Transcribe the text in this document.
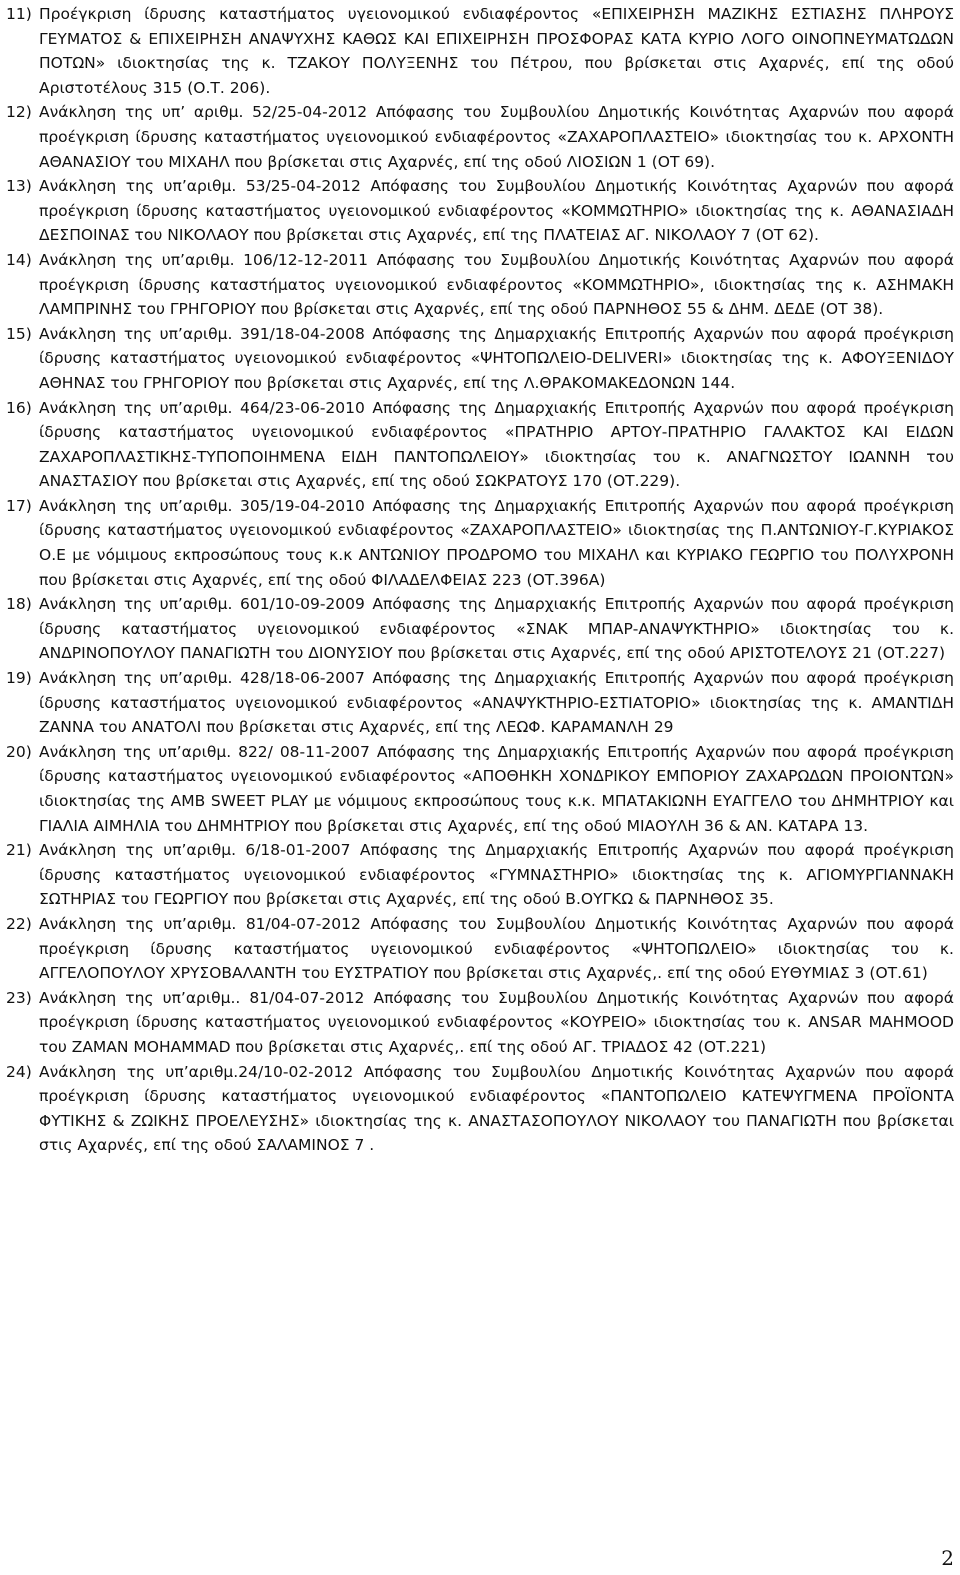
11) Προέγκριση ίδρυσης καταστήματος υγειονομικού ενδιαφέροντος «ΕΠΙΧΕΙΡΗΣΗ ΜΑΖΙΚΗΣ ΕΣΤΙΑΣΗΣ ΠΛΗΡΟΥΣ ΓΕΥΜΑΤΟΣ & ΕΠΙΧΕΙΡΗΣΗ ΑΝΑΨΥΧΗΣ ΚΑΘΩΣ ΚΑΙ ΕΠΙΧΕΙΡΗΣΗ ΠΡΟΣΦΟΡΑΣ ΚΑΤΑ ΚΥΡΙΟ ΛΟΓΟ ΟΙΝΟΠΝΕΥΜΑΤΩΔΩΝ ΠΟΤΩΝ» ιδιοκτησίας της κ. ΤΖΑΚΟΥ ΠΟΛΥΞΕΝΗΣ του Πέτρου, που βρίσκεται στις Αχαρνές, επί της οδού Αριστοτέλους 315 (Ο.Τ. 206).

12) Ανάκληση της υπ’ αριθμ. 52/25-04-2012 Απόφασης του Συμβουλίου Δημοτικής Κοινότητας Αχαρνών που αφορά προέγκριση ίδρυσης καταστήματος υγειονομικού ενδιαφέροντος «ΖΑΧΑΡΟΠΛΑΣΤΕΙΟ» ιδιοκτησίας του κ. ΑΡΧΟΝΤΗ ΑΘΑΝΑΣΙΟΥ του ΜΙΧΑΗΛ που βρίσκεται στις Αχαρνές, επί της οδού ΛΙΟΣΙΩΝ 1 (ΟΤ 69).

13) Ανάκληση της υπ’αριθμ. 53/25-04-2012 Απόφασης του Συμβουλίου Δημοτικής Κοινότητας Αχαρνών που αφορά προέγκριση ίδρυσης καταστήματος υγειονομικού ενδιαφέροντος «ΚΟΜΜΩΤΗΡΙΟ» ιδιοκτησίας της κ. ΑΘΑΝΑΣΙΑΔΗ ΔΕΣΠΟΙΝΑΣ του ΝΙΚΟΛΑΟΥ που βρίσκεται στις Αχαρνές, επί της ΠΛΑΤΕΙΑΣ ΑΓ. ΝΙΚΟΛΑΟΥ 7 (ΟΤ 62).

14) Ανάκληση της υπ’αριθμ. 106/12-12-2011 Απόφασης του Συμβουλίου Δημοτικής Κοινότητας Αχαρνών που αφορά προέγκριση ίδρυσης καταστήματος υγειονομικού ενδιαφέροντος «ΚΟΜΜΩΤΗΡΙΟ», ιδιοκτησίας της κ. ΑΣΗΜΑΚΗ ΛΑΜΠΡΙΝΗΣ του ΓΡΗΓΟΡΙΟΥ που βρίσκεται στις Αχαρνές, επί της οδού ΠΑΡΝΗΘΟΣ 55 & ΔΗΜ. ΔΕΔΕ (ΟΤ 38).

15) Ανάκληση της υπ’αριθμ. 391/18-04-2008 Απόφασης της Δημαρχιακής Επιτροπής Αχαρνών που αφορά προέγκριση ίδρυσης καταστήματος υγειονομικού ενδιαφέροντος «ΨΗΤΟΠΩΛΕΙΟ-DELIVERI» ιδιοκτησίας της κ. ΑΦΟΥΞΕΝΙΔΟΥ ΑΘΗΝΑΣ του ΓΡΗΓΟΡΙΟΥ που βρίσκεται στις Αχαρνές, επί της Λ.ΘΡΑΚΟΜΑΚΕΔΟΝΩΝ 144.

16) Ανάκληση της υπ’αριθμ. 464/23-06-2010 Απόφασης της Δημαρχιακής Επιτροπής Αχαρνών που αφορά προέγκριση ίδρυσης καταστήματος υγειονομικού ενδιαφέροντος «ΠΡΑΤΗΡΙΟ ΑΡΤΟΥ-ΠΡΑΤΗΡΙΟ ΓΑΛΑΚΤΟΣ ΚΑΙ ΕΙΔΩΝ ΖΑΧΑΡΟΠΛΑΣΤΙΚΗΣ-ΤΥΠΟΠΟΙΗΜΕΝΑ ΕΙΔΗ ΠΑΝΤΟΠΩΛΕΙΟΥ» ιδιοκτησίας του κ. ΑΝΑΓΝΩΣΤΟΥ ΙΩΑΝΝΗ του ΑΝΑΣΤΑΣΙΟΥ που βρίσκεται στις Αχαρνές, επί της οδού ΣΩΚΡΑΤΟΥΣ 170 (ΟΤ.229).

17) Ανάκληση της υπ’αριθμ. 305/19-04-2010 Απόφασης της Δημαρχιακής Επιτροπής Αχαρνών που αφορά προέγκριση ίδρυσης καταστήματος υγειονομικού ενδιαφέροντος «ΖΑΧΑΡΟΠΛΑΣΤΕΙΟ» ιδιοκτησίας της Π.ΑΝΤΩΝΙΟΥ-Γ.ΚΥΡΙΑΚΟΣ Ο.Ε με νόμιμους εκπροσώπους τους κ.κ ΑΝΤΩΝΙΟΥ ΠΡΟΔΡΟΜΟ του ΜΙΧΑΗΛ και ΚΥΡΙΑΚΟ ΓΕΩΡΓΙΟ του ΠΟΛΥΧΡΟΝΗ που βρίσκεται στις Αχαρνές, επί της οδού ΦΙΛΑΔΕΛΦΕΙΑΣ 223 (ΟΤ.396Α)

18) Ανάκληση της υπ’αριθμ. 601/10-09-2009 Απόφασης της Δημαρχιακής Επιτροπής Αχαρνών που αφορά προέγκριση ίδρυσης καταστήματος υγειονομικού ενδιαφέροντος «ΣΝΑΚ ΜΠΑΡ-ΑΝΑΨΥΚΤΗΡΙΟ» ιδιοκτησίας του κ. ΑΝΔΡΙΝΟΠΟΥΛΟΥ ΠΑΝΑΓΙΩΤΗ του ΔΙΟΝΥΣΙΟΥ που βρίσκεται στις Αχαρνές, επί της οδού ΑΡΙΣΤΟΤΕΛΟΥΣ 21 (ΟΤ.227)

19) Ανάκληση της υπ’αριθμ. 428/18-06-2007 Απόφασης της Δημαρχιακής Επιτροπής Αχαρνών που αφορά προέγκριση ίδρυσης καταστήματος υγειονομικού ενδιαφέροντος «ΑΝΑΨΥΚΤΗΡΙΟ-ΕΣΤΙΑΤΟΡΙΟ» ιδιοκτησίας της κ. ΑΜΑΝΤΙΔΗ ΖΑΝΝΑ του ΑΝΑΤΟΛΙ που βρίσκεται στις Αχαρνές, επί της ΛΕΩΦ. ΚΑΡΑΜΑΝΛΗ 29

20) Ανάκληση της υπ’αριθμ. 822/ 08-11-2007 Απόφασης της Δημαρχιακής Επιτροπής Αχαρνών που αφορά προέγκριση ίδρυσης καταστήματος υγειονομικού ενδιαφέροντος «ΑΠΟΘΗΚΗ ΧΟΝΔΡΙΚΟΥ ΕΜΠΟΡΙΟΥ ΖΑΧΑΡΩΔΩΝ ΠΡΟΙΟΝΤΩΝ» ιδιοκτησίας της AMB SWEET PLAY με νόμιμους εκπροσώπους τους κ.κ. ΜΠΑΤΑΚΙΩΝΗ ΕΥΑΓΓΕΛΟ του ΔΗΜΗΤΡΙΟΥ και ΓΙΑΛΙΑ ΑΙΜΗΛΙΑ του ΔΗΜΗΤΡΙΟΥ που βρίσκεται στις Αχαρνές, επί της οδού ΜΙΑΟΥΛΗ 36 & ΑΝ. ΚΑΤΑΡΑ 13.

21) Ανάκληση της υπ’αριθμ. 6/18-01-2007 Απόφασης της Δημαρχιακής Επιτροπής Αχαρνών που αφορά προέγκριση ίδρυσης καταστήματος υγειονομικού ενδιαφέροντος «ΓΥΜΝΑΣΤΗΡΙΟ» ιδιοκτησίας της κ. ΑΓΙΟΜΥΡΓΙΑΝΝΑΚΗ ΣΩΤΗΡΙΑΣ του ΓΕΩΡΓΙΟΥ που βρίσκεται στις Αχαρνές, επί της οδού Β.ΟΥΓΚΩ & ΠΑΡΝΗΘΟΣ 35.

22) Ανάκληση της υπ’αριθμ. 81/04-07-2012 Απόφασης του Συμβουλίου Δημοτικής Κοινότητας Αχαρνών που αφορά προέγκριση ίδρυσης καταστήματος υγειονομικού ενδιαφέροντος «ΨΗΤΟΠΩΛΕΙΟ» ιδιοκτησίας του κ. ΑΓΓΕΛΟΠΟΥΛΟΥ ΧΡΥΣΟΒΑΛΑΝΤΗ του ΕΥΣΤΡΑΤΙΟΥ που βρίσκεται στις Αχαρνές,. επί της οδού ΕΥΘΥΜΙΑΣ 3 (ΟΤ.61)

23) Ανάκληση της υπ’αριθμ.. 81/04-07-2012 Απόφασης του Συμβουλίου Δημοτικής Κοινότητας Αχαρνών που αφορά προέγκριση ίδρυσης καταστήματος υγειονομικού ενδιαφέροντος «ΚΟΥΡΕΙΟ» ιδιοκτησίας του κ. ANSAR MAHMOOD του ZAMAN MOHAMMAD που βρίσκεται στις Αχαρνές,. επί της οδού ΑΓ. ΤΡΙΑΔΟΣ 42 (ΟΤ.221)

24) Ανάκληση της υπ’αριθμ.24/10-02-2012 Απόφασης του Συμβουλίου Δημοτικής Κοινότητας Αχαρνών που αφορά προέγκριση ίδρυσης καταστήματος υγειονομικού ενδιαφέροντος «ΠΑΝΤΟΠΩΛΕΙΟ ΚΑΤΕΨΥΓΜΕΝΑ ΠΡΟΪΟΝΤΑ ΦΥΤΙΚΗΣ & ΖΩΙΚΗΣ ΠΡΟΕΛΕΥΣΗΣ» ιδιοκτησίας της κ. ΑΝΑΣΤΑΣΟΠΟΥΛΟΥ ΝΙΚΟΛΑΟΥ του ΠΑΝΑΓΙΩΤΗ που βρίσκεται στις Αχαρνές, επί της οδού ΣΑΛΑΜΙΝΟΣ 7 .

2
